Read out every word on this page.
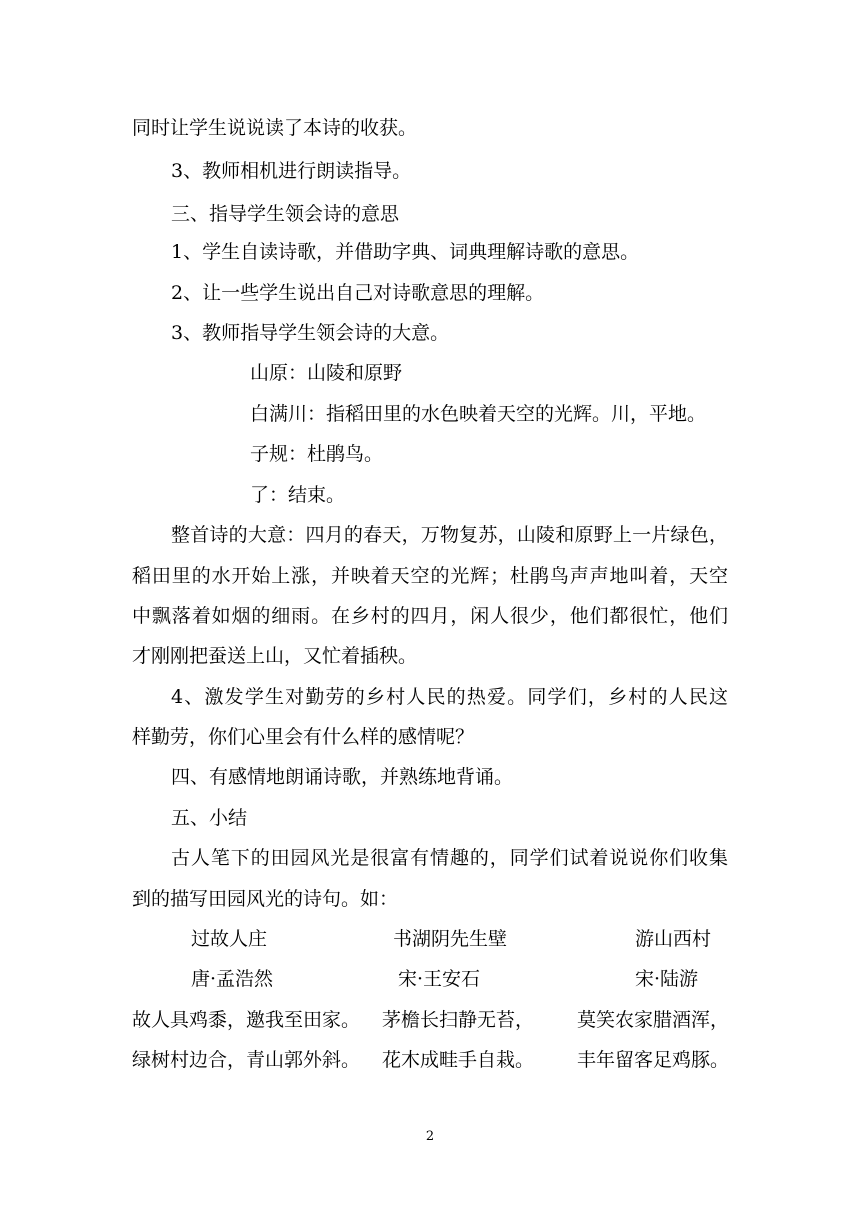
同时让学生说说读了本诗的收获。
3、教师相机进行朗读指导。
三、指导学生领会诗的意思
1、学生自读诗歌，并借助字典、词典理解诗歌的意思。
2、让一些学生说出自己对诗歌意思的理解。
3、教师指导学生领会诗的大意。
山原：山陵和原野
白满川：指稻田里的水色映着天空的光辉。川，平地。
子规：杜鹃鸟。
了：结束。
整首诗的大意：四月的春天，万物复苏，山陵和原野上一片绿色，
稻田里的水开始上涨，并映着天空的光辉；杜鹃鸟声声地叫着，天空
中飘落着如烟的细雨。在乡村的四月，闲人很少，他们都很忙，他们
才刚刚把蚕送上山，又忙着插秧。
4、激发学生对勤劳的乡村人民的热爱。同学们，乡村的人民这
样勤劳，你们心里会有什么样的感情呢？
四、有感情地朗诵诗歌，并熟练地背诵。
五、小结
古人笔下的田园风光是很富有情趣的，同学们试着说说你们收集
到的描写田园风光的诗句。如：
过故人庄	书湖阴先生壁	游山西村
唐·孟浩然	宋·王安石	宋·陆游
故人具鸡黍，邀我至田家。 茅檐长扫静无苔， 莫笑农家腊酒浑，
绿树村边合，青山郭外斜。 花木成畦手自栽。 丰年留客足鸡豚。
2
